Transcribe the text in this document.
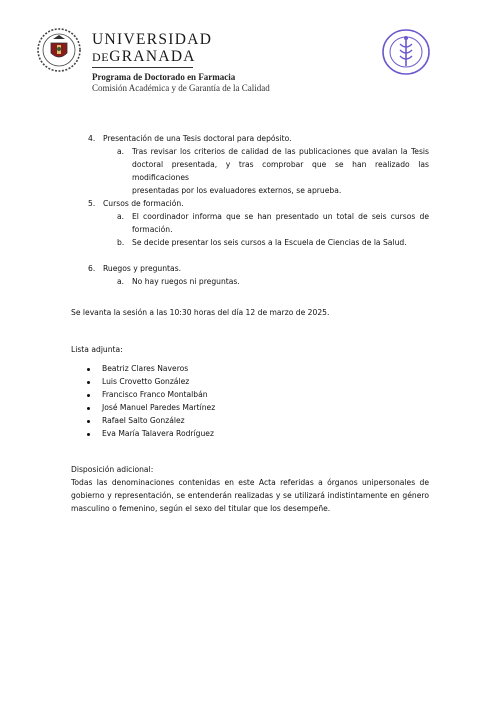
UNIVERSIDAD
DEGRANADA
Programa de Doctorado en Farmacia
Comisión Académica y de Garantía de la Calidad
4. Presentación de una Tesis doctoral para depósito.
a. Tras revisar los criterios de calidad de las publicaciones que avalan la Tesis
doctoral presentada, y tras comprobar que se han realizado las modificaciones
presentadas por los evaluadores externos, se aprueba.
5. Cursos de formación.
a. El coordinador informa que se han presentado un total de seis cursos de
formación.
b. Se decide presentar los seis cursos a la Escuela de Ciencias de la Salud.
6. Ruegos y preguntas.
a. No hay ruegos ni preguntas.
Se levanta la sesión a las 10:30 horas del día 12 de marzo de 2025.
Lista adjunta:
Beatriz Clares Naveros
Luis Crovetto González
Francisco Franco Montalbán
José Manuel Paredes Martínez
Rafael Salto González
Eva María Talavera Rodríguez
Disposición adicional:
Todas las denominaciones contenidas en este Acta referidas a órganos unipersonales de
gobierno y representación, se entenderán realizadas y se utilizará indistintamente en género
masculino o femenino, según el sexo del titular que los desempeñe.
